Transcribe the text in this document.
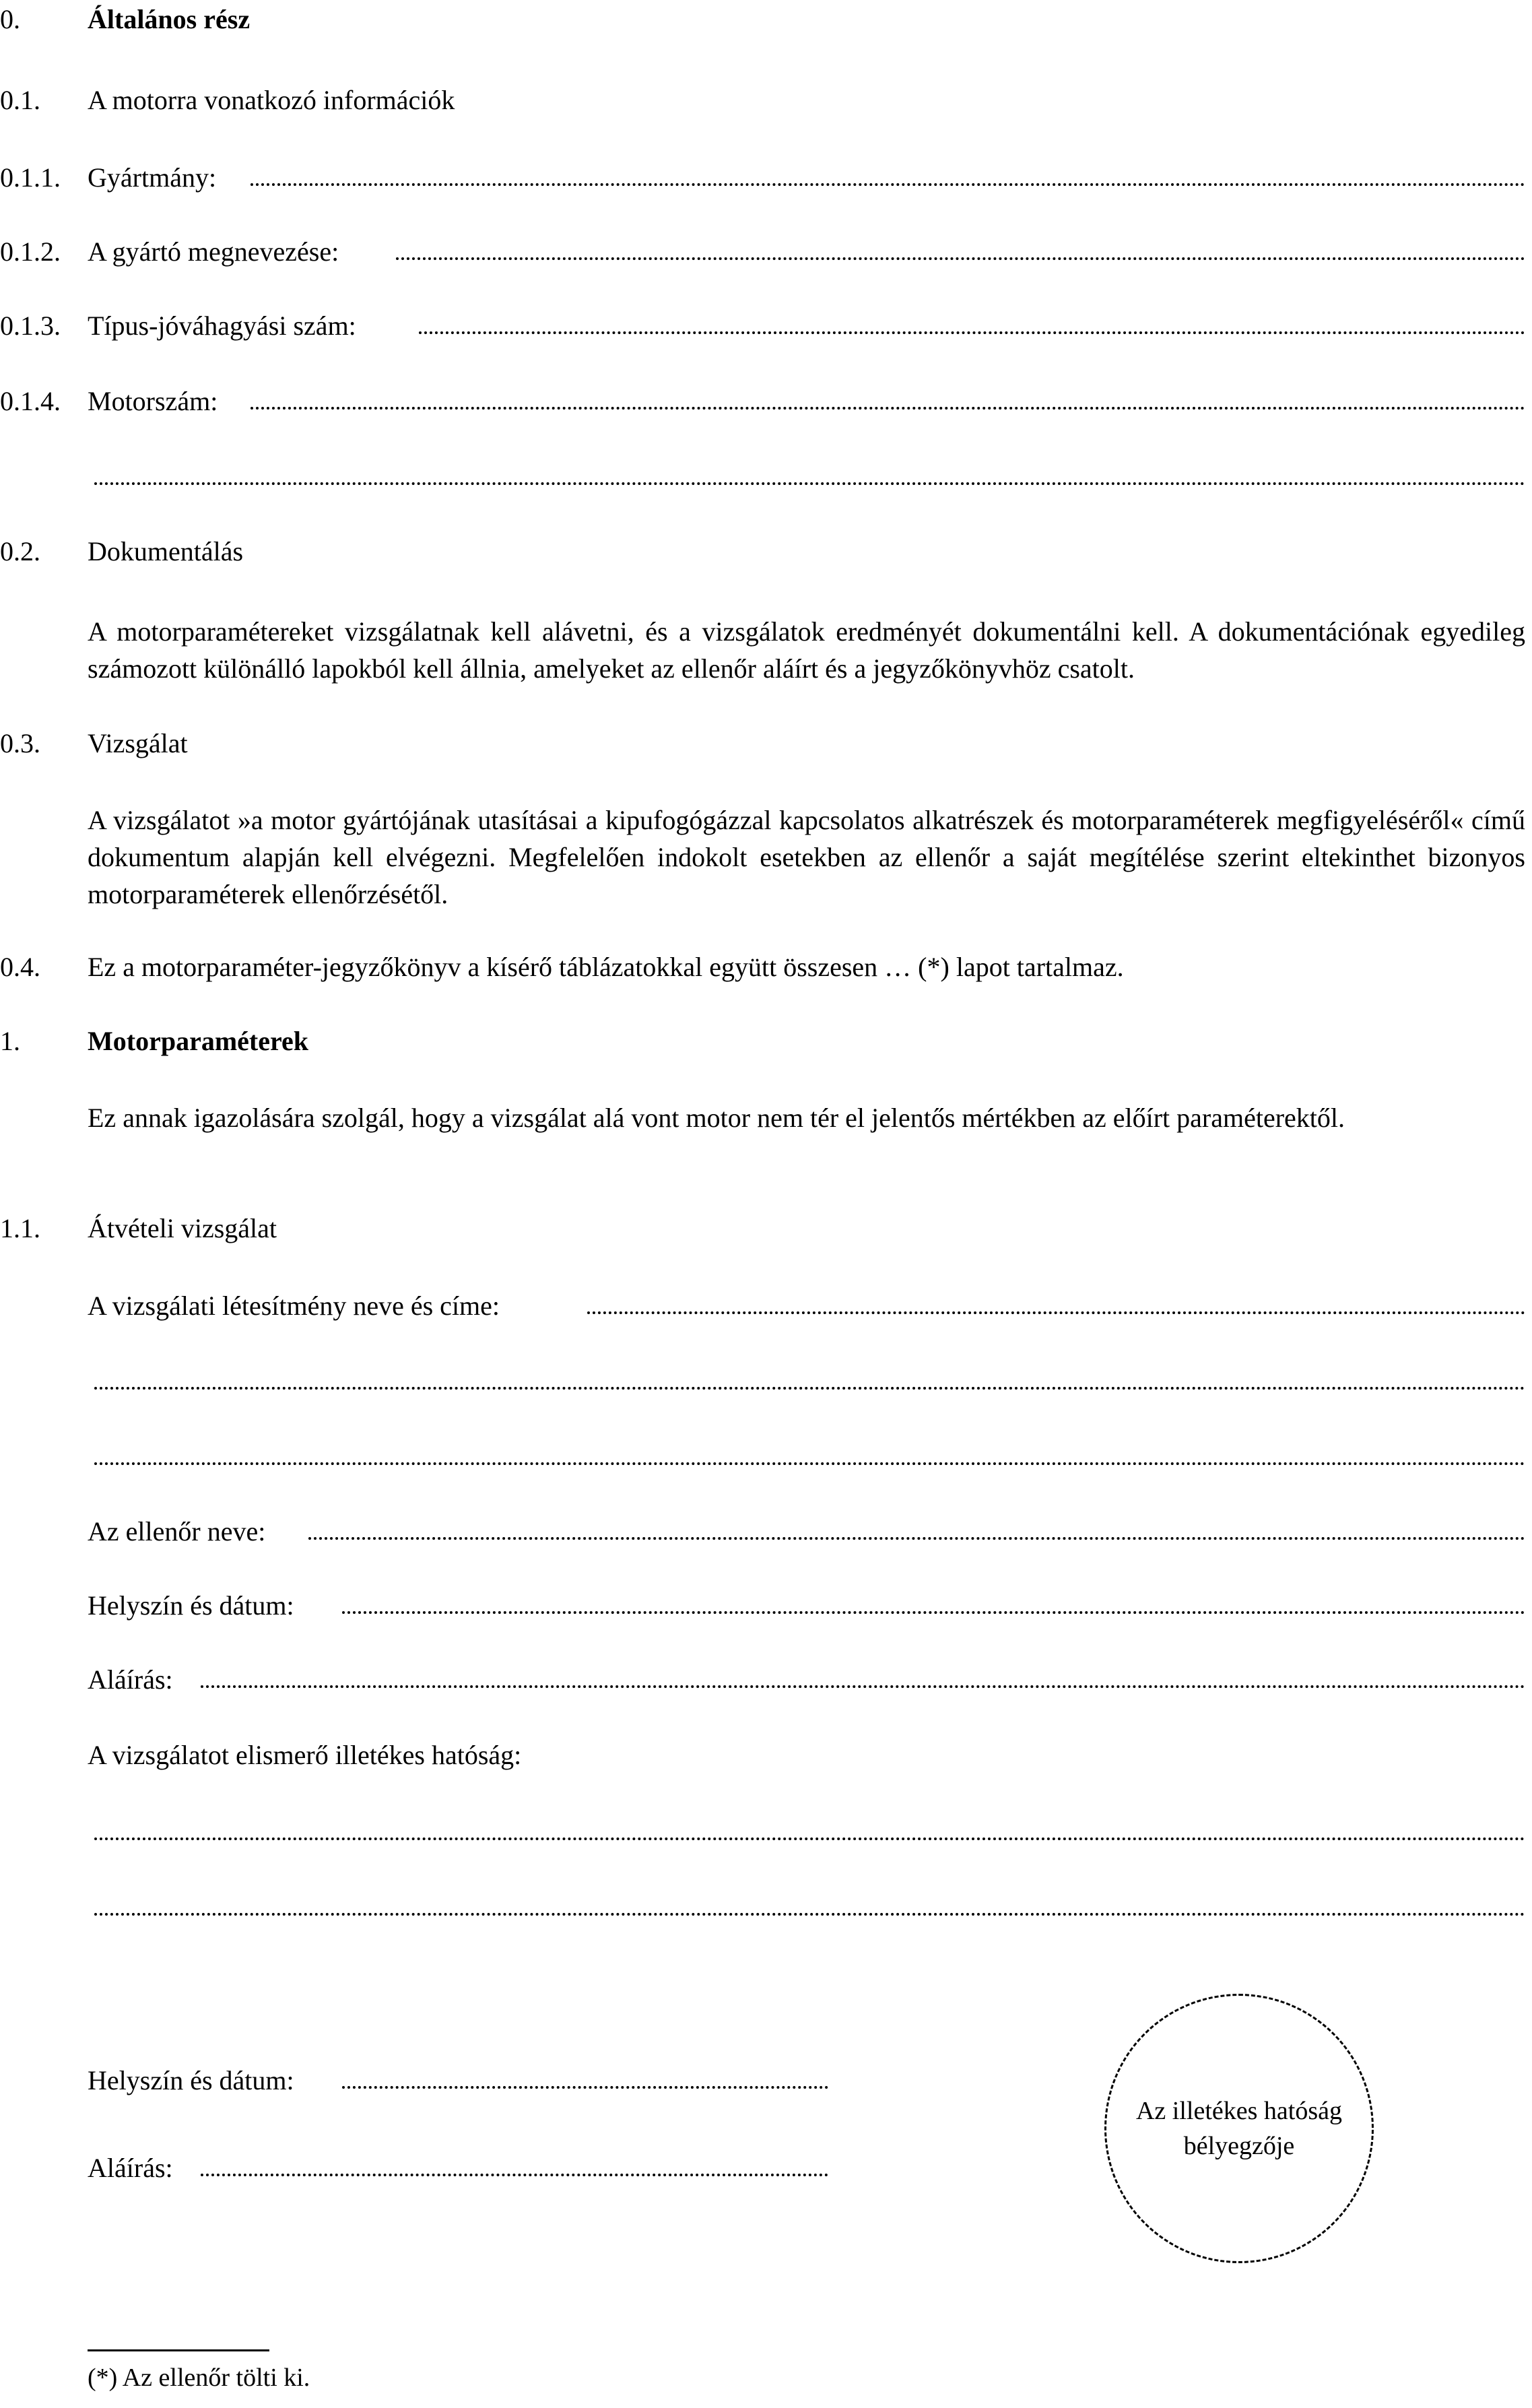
0.	Általános rész
0.1. A motorra vonatkozó információk
0.1.1. Gyártmány:
0.1.2. A gyártó megnevezése:
0.1.3. Típus-jóváhagyási szám:
0.1.4. Motorszám:
0.2. Dokumentálás
A motorparamétereket vizsgálatnak kell alávetni, és a vizsgálatok eredményét dokumentálni kell. A dokumentációnak egyedileg számozott különálló lapokból kell állnia, amelyeket az ellenőr aláírt és a jegyzőkönyvhöz csatolt.
0.3. Vizsgálat
A vizsgálatot »a motor gyártójának utasításai a kipufogógázzal kapcsolatos alkatrészek és motorparaméterek megfigyeléséről« című dokumentum alapján kell elvégezni. Megfelelően indokolt esetekben az ellenőr a saját megítélése szerint eltekinthet bizonyos motorparaméterek ellenőrzésétől.
0.4. Ez a motorparaméter-jegyzőkönyv a kísérő táblázatokkal együtt összesen … (*) lapot tartalmaz.
1.	Motorparaméterek
Ez annak igazolására szolgál, hogy a vizsgálat alá vont motor nem tér el jelentős mértékben az előírt paraméterektől.
1.1. Átvételi vizsgálat
A vizsgálati létesítmény neve és címe:
Az ellenőr neve:
Helyszín és dátum:
Aláírás:
A vizsgálatot elismerő illetékes hatóság:
Helyszín és dátum:
Aláírás:
Az illetékes hatóság
bélyegzője
(*) Az ellenőr tölti ki.
